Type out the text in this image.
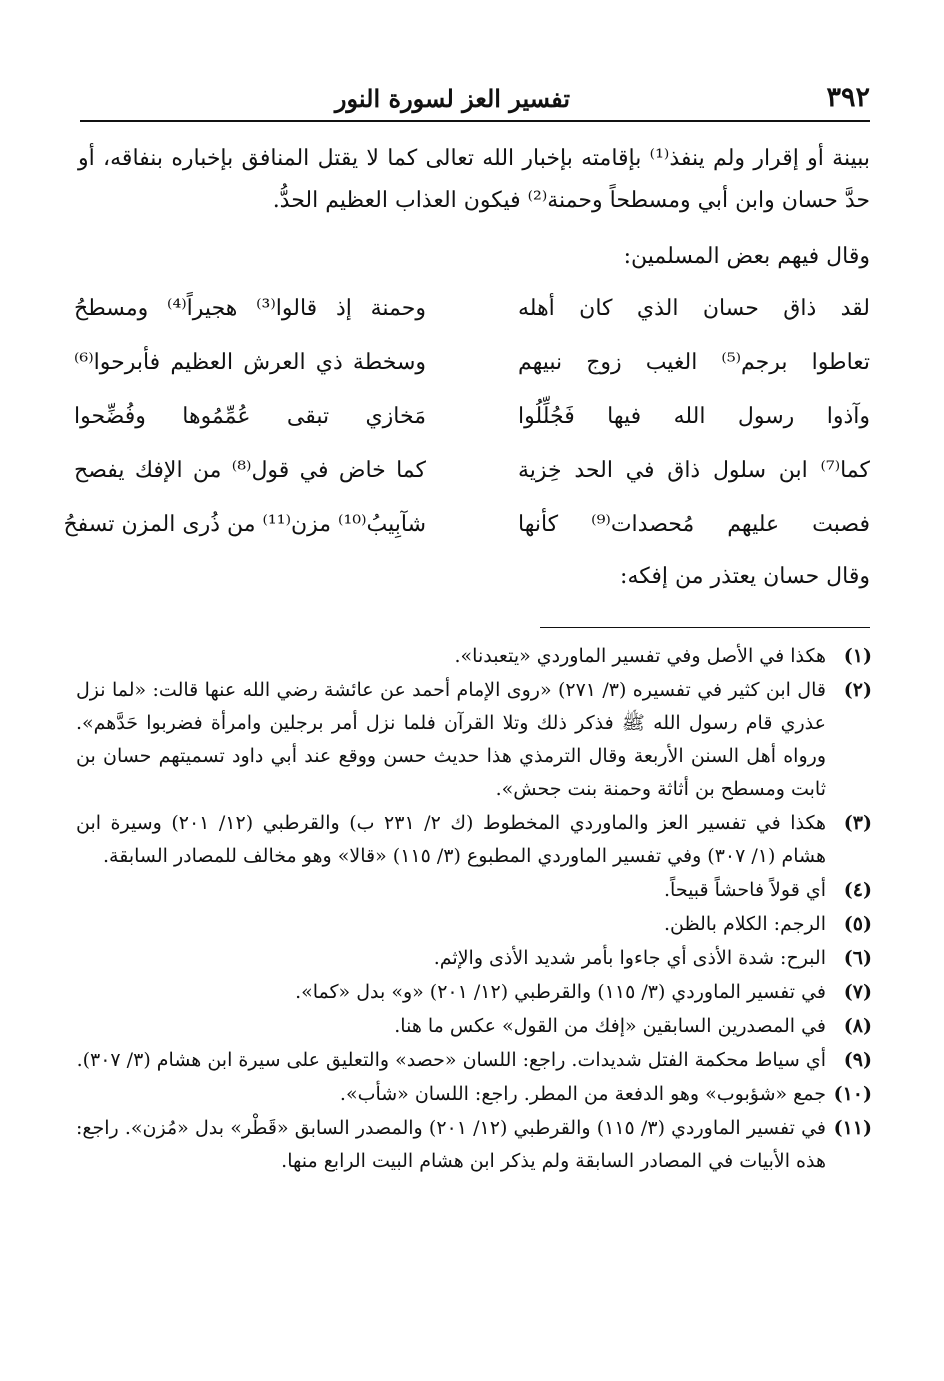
٣٩٢
تفسير العز لسورة النور

ببينة أو إقرار ولم ينفذ⁽¹⁾ بإقامته بإخبار الله تعالى كما لا يقتل المنافق بإخباره بنفاقه، أو حدَّ حسان وابن أبي ومسطحاً وحمنة⁽²⁾ فيكون العذاب العظيم الحدُّ.

وقال فيهم بعض المسلمين:
لقد ذاق حسان الذي كان أهله
وحمنة إذ قالوا⁽³⁾ هجيراً⁽⁴⁾ ومسطحُ
تعاطوا برجم⁽⁵⁾ الغيب زوج نبيهم
وسخطة ذي العرش العظيم فأبرحوا⁽⁶⁾
وآذوا رسول الله فيها فَجُلِّلُوا
مَخازي تبقى عُمِّمُوها وفُضِّحوا
كما⁽⁷⁾ ابن سلول ذاق في الحد خِزية
كما خاض في قول⁽⁸⁾ من الإفك يفصح
فصبت عليهم مُحصدات⁽⁹⁾ كأنها
شآبِيبُ⁽¹⁰⁾ مزن⁽¹¹⁾ من ذُرى المزن تسفحُ
وقال حسان يعتذر من إفكه:
(١)
هكذا في الأصل وفي تفسير الماوردي «يتعبدنا».
(٢)
قال ابن كثير في تفسيره (٣/ ٢٧١) «روى الإمام أحمد عن عائشة رضي الله عنها قالت: «لما نزل عذري قام رسول الله ﷺ فذكر ذلك وتلا القرآن فلما نزل أمر برجلين وامرأة فضربوا حَدَّهم». ورواه أهل السنن الأربعة وقال الترمذي هذا حديث حسن ووقع عند أبي داود تسميتهم حسان بن ثابت ومسطح بن أثاثة وحمنة بنت جحش».
(٣)
هكذا في تفسير العز والماوردي المخطوط (ك ٢/ ٢٣١ ب) والقرطبي (١٢/ ٢٠١) وسيرة ابن هشام (١/ ٣٠٧) وفي تفسير الماوردي المطبوع (٣/ ١١٥) «قالا» وهو مخالف للمصادر السابقة.
(٤)
أي قولاً فاحشاً قبيحاً.
(٥)
الرجم: الكلام بالظن.
(٦)
البرح: شدة الأذى أي جاءوا بأمر شديد الأذى والإثم.
(٧)
في تفسير الماوردي (٣/ ١١٥) والقرطبي (١٢/ ٢٠١) «و» بدل «كما».
(٨)
في المصدرين السابقين «إفك من القول» عكس ما هنا.
(٩)
أي سياط محكمة الفتل شديدات. راجع: اللسان «حصد» والتعليق على سيرة ابن هشام (٣/ ٣٠٧).
(١٠)
جمع «شؤبوب» وهو الدفعة من المطر. راجع: اللسان «شأب».
(١١)
في تفسير الماوردي (٣/ ١١٥) والقرطبي (١٢/ ٢٠١) والمصدر السابق «قَطْر» بدل «مُزن». راجع: هذه الأبيات في المصادر السابقة ولم يذكر ابن هشام البيت الرابع منها.
